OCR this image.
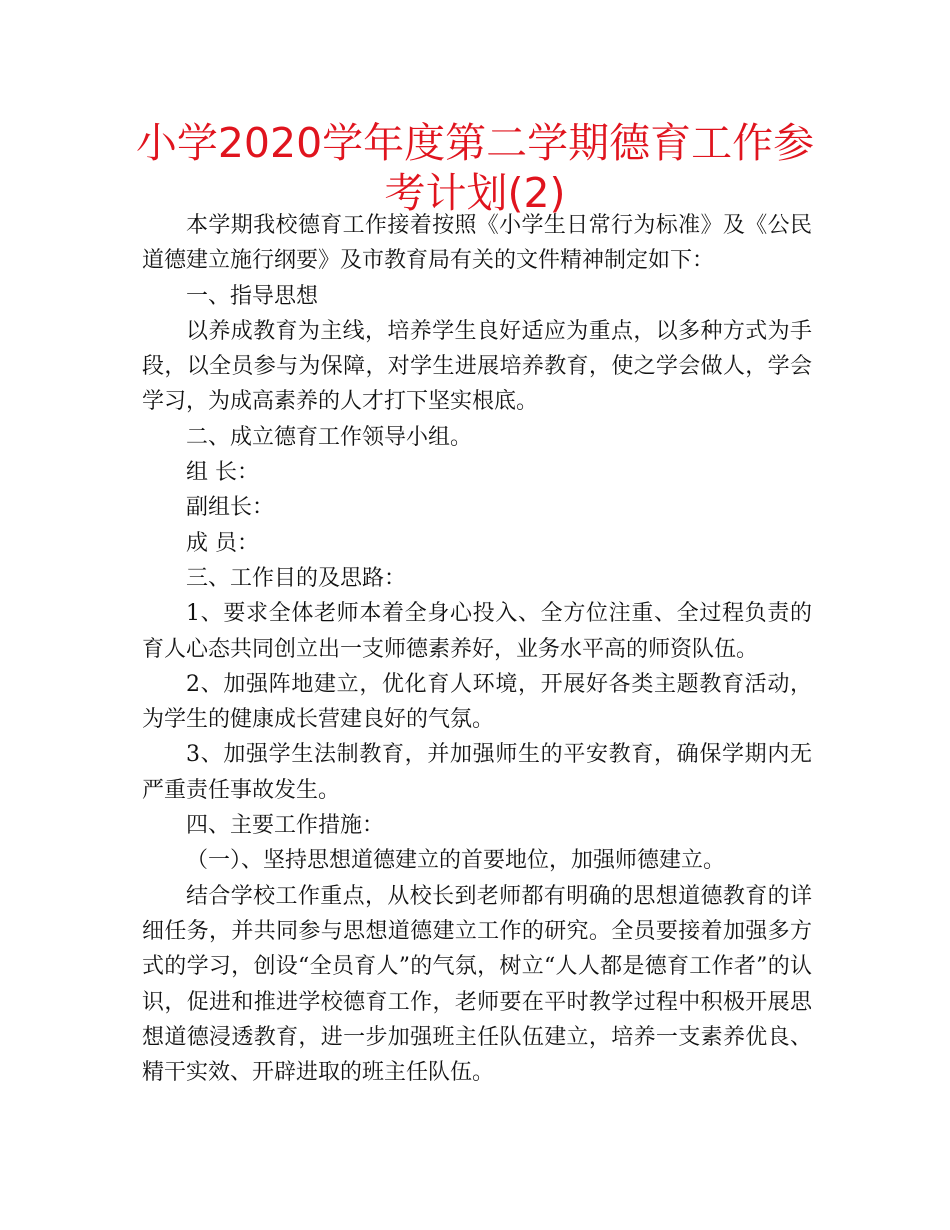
小学2020学年度第二学期德育工作参考计划(2)

本学期我校德育工作接着按照《小学生日常行为标准》及《公民道德建立施行纲要》及市教育局有关的文件精神制定如下：

一、指导思想

以养成教育为主线，培养学生良好适应为重点，以多种方式为手段，以全员参与为保障，对学生进展培养教育，使之学会做人，学会学习，为成高素养的人才打下坚实根底。

二、成立德育工作领导小组。

组 长：

副组长：

成 员：

三、工作目的及思路：

1、要求全体老师本着全身心投入、全方位注重、全过程负责的育人心态共同创立出一支师德素养好，业务水平高的师资队伍。

2、加强阵地建立，优化育人环境，开展好各类主题教育活动，为学生的健康成长营建良好的气氛。

3、加强学生法制教育，并加强师生的平安教育，确保学期内无严重责任事故发生。

四、主要工作措施：

（一）、坚持思想道德建立的首要地位，加强师德建立。

结合学校工作重点，从校长到老师都有明确的思想道德教育的详细任务，并共同参与思想道德建立工作的研究。全员要接着加强多方式的学习，创设“全员育人”的气氛，树立“人人都是德育工作者”的认识，促进和推进学校德育工作，老师要在平时教学过程中积极开展思想道德浸透教育，进一步加强班主任队伍建立，培养一支素养优良、精干实效、开辟进取的班主任队伍。
